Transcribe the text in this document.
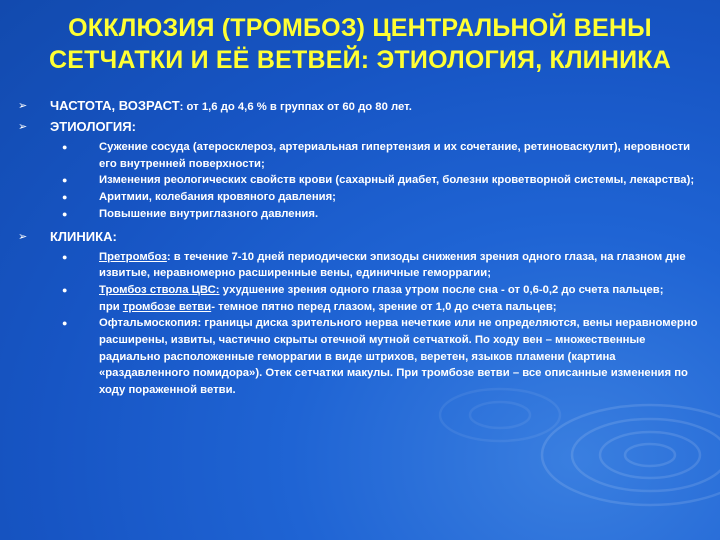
ОККЛЮЗИЯ (ТРОМБОЗ) ЦЕНТРАЛЬНОЙ ВЕНЫ
СЕТЧАТКИ И ЕЁ ВЕТВЕЙ: ЭТИОЛОГИЯ, КЛИНИКА
➢	ЧАСТОТА, ВОЗРАСТ: от 1,6 до 4,6 % в группах от 60 до 80 лет.
➢	ЭТИОЛОГИЯ:
●	Сужение сосуда (атеросклероз, артериальная гипертензия и их сочетание, ретиноваскулит), неровности его внутренней поверхности;
●	Изменения реологических свойств крови (сахарный диабет, болезни кроветворной системы, лекарства);
●	Аритмии, колебания кровяного давления;
●	Повышение внутриглазного давления.
➢	КЛИНИКА:
●	Претромбоз: в течение 7-10 дней периодически эпизоды снижения зрения одного глаза, на глазном дне извитые, неравномерно расширенные вены, единичные геморрагии;
●	Тромбоз ствола ЦВС: ухудшение зрения одного глаза утром после сна - от 0,6-0,2 до счета пальцев;
при тромбозе ветви- темное пятно перед глазом, зрение от 1,0 до счета пальцев;
●	Офтальмоскопия: границы диска зрительного нерва нечеткие или не определяются, вены неравномерно расширены, извиты, частично скрыты отечной мутной сетчаткой. По ходу вен – множественные радиально расположенные геморрагии в виде штрихов, веретен, языков пламени (картина «раздавленного помидора»). Отек сетчатки макулы. При тромбозе ветви – все описанные изменения по ходу пораженной ветви.
